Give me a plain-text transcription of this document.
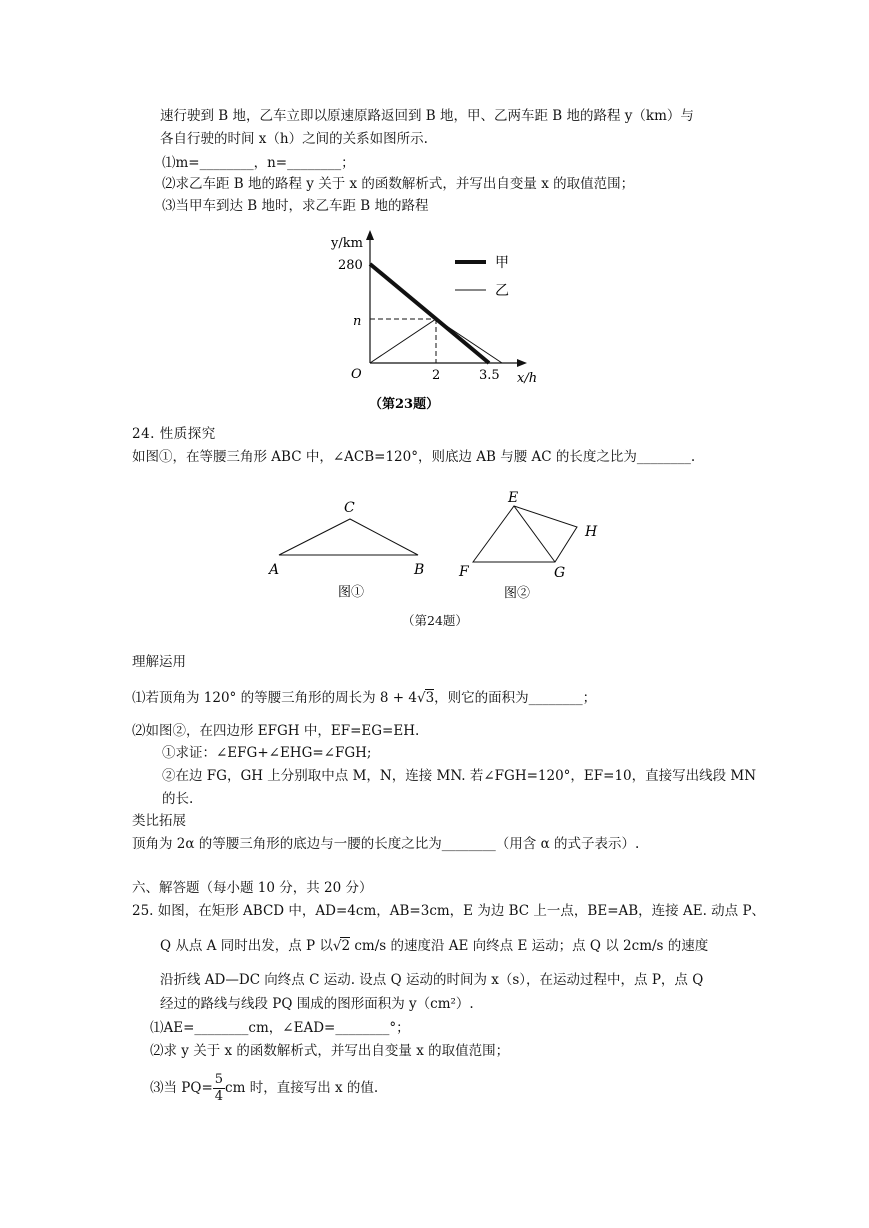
速行驶到 B 地，乙车立即以原速原路返回到 B 地，甲、乙两车距 B 地的路程 y（km）与
各自行驶的时间 x（h）之间的关系如图所示.
⑴m=________，n=________；
⑵求乙车距 B 地的路程 y 关于 x 的函数解析式，并写出自变量 x 的取值范围；
⑶当甲车到达 B 地时，求乙车距 B 地的路程
y/km
280
n
O	2	3.5 x/h
甲
乙
（第23题）
24. 性质探究
如图①，在等腰三角形 ABC 中，∠ACB=120°，则底边 AB 与腰 AC 的长度之比为________.
C
A	B
图①
E
H
F	G
图②
（第24题）
理解运用
⑴若顶角为 120° 的等腰三角形的周长为 8 + 4√3，则它的面积为________；
⑵如图②，在四边形 EFGH 中，EF=EG=EH.
①求证：∠EFG+∠EHG=∠FGH;
②在边 FG，GH 上分别取中点 M，N，连接 MN. 若∠FGH=120°，EF=10，直接写出线段 MN
的长.
类比拓展
顶角为 2α 的等腰三角形的底边与一腰的长度之比为________（用含 α 的式子表示）.
六、解答题（每小题 10 分，共 20 分）
25. 如图，在矩形 ABCD 中，AD=4cm，AB=3cm，E 为边 BC 上一点，BE=AB，连接 AE. 动点 P、
Q 从点 A 同时出发，点 P 以√2 cm/s 的速度沿 AE 向终点 E 运动；点 Q 以 2cm/s 的速度
沿折线 AD—DC 向终点 C 运动. 设点 Q 运动的时间为 x（s），在运动过程中，点 P，点 Q
经过的路线与线段 PQ 围成的图形面积为 y（cm²）.
⑴AE=________cm，∠EAD=________°；
⑵求 y 关于 x 的函数解析式，并写出自变量 x 的取值范围；
⑶当 $PQ= \frac{5}{4}$ cm 时，直接写出 x 的值.
